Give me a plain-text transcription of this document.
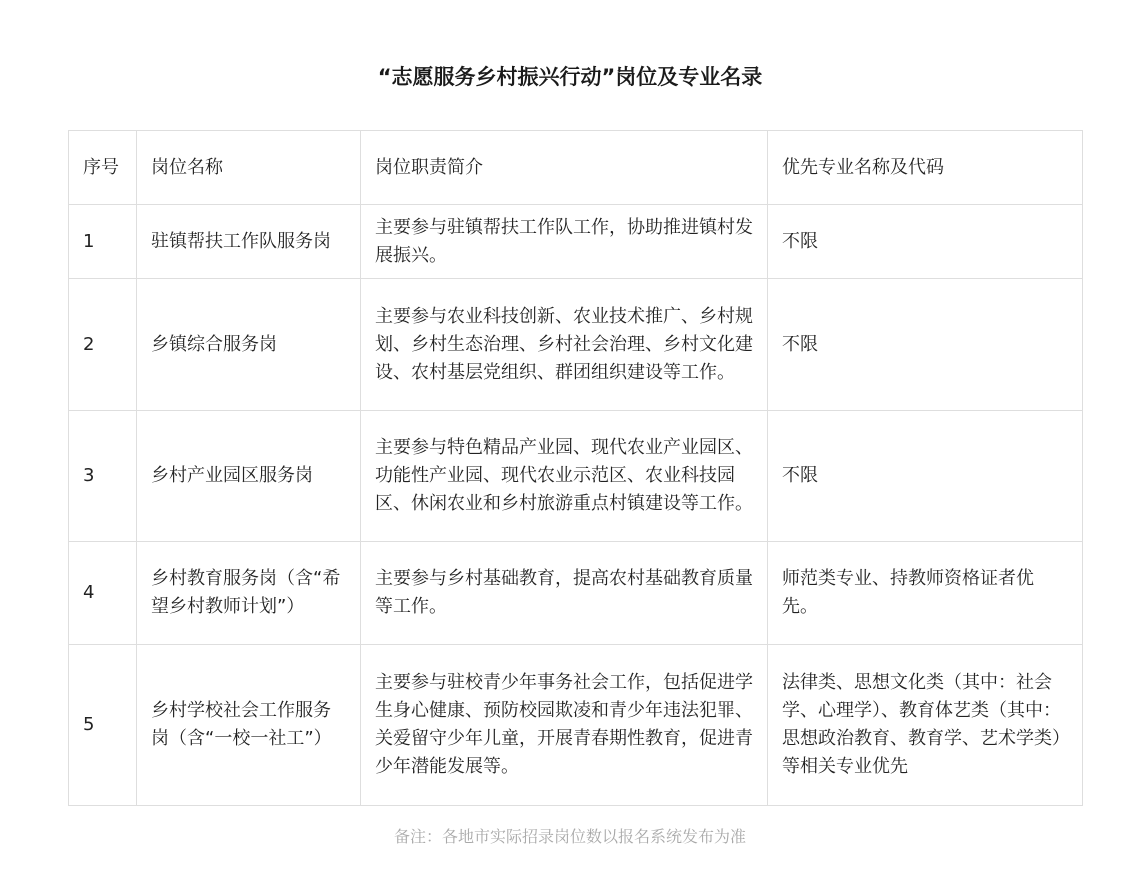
“志愿服务乡村振兴行动”岗位及专业名录
序号	岗位名称	岗位职责简介	优先专业名称及代码

1	驻镇帮扶工作队服务岗	主要参与驻镇帮扶工作队工作，协助推进镇村发展振兴。	不限

2	乡镇综合服务岗	主要参与农业科技创新、农业技术推广、乡村规划、乡村生态治理、乡村社会治理、乡村文化建设、农村基层党组织、群团组织建设等工作。	不限

3	乡村产业园区服务岗	主要参与特色精品产业园、现代农业产业园区、功能性产业园、现代农业示范区、农业科技园区、休闲农业和乡村旅游重点村镇建设等工作。	不限

4	乡村教育服务岗（含“希望乡村教师计划”）	主要参与乡村基础教育，提高农村基础教育质量等工作。	师范类专业、持教师资格证者优先。

5	乡村学校社会工作服务岗（含“一校一社工”）	主要参与驻校青少年事务社会工作，包括促进学生身心健康、预防校园欺凌和青少年违法犯罪、关爱留守少年儿童，开展青春期性教育，促进青少年潜能发展等。	法律类、思想文化类（其中：社会学、心理学）、教育体艺类（其中：思想政治教育、教育学、艺术学类）等相关专业优先
备注：各地市实际招录岗位数以报名系统发布为准
